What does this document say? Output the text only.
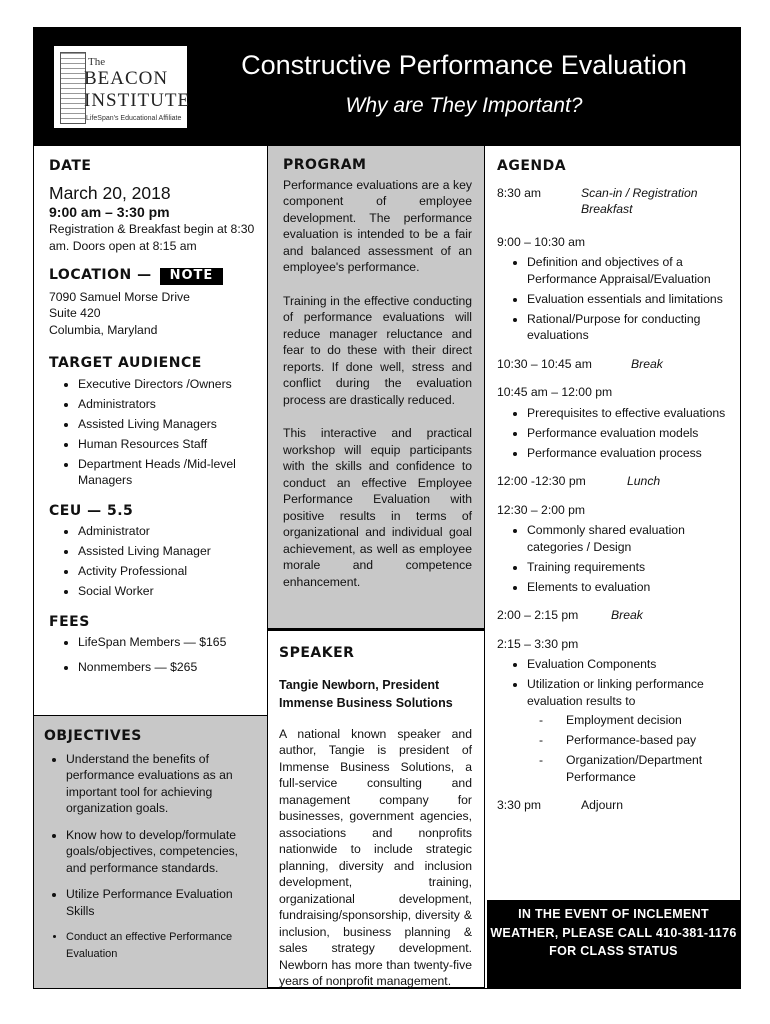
The
BEACON
INSTITUTE
LifeSpan's Educational Affiliate
Constructive Performance Evaluation
Why are They Important?

DATE

March 20, 2018
9:00 am – 3:30 pm
Registration & Breakfast begin at 8:30 am. Doors open at 8:15 am
LOCATION — NOTE
7090 Samuel Morse Drive
Suite 420
Columbia, Maryland

TARGET AUDIENCE

• Executive Directors /Owners
• Administrators
• Assisted Living Managers
• Human Resources Staff
• Department Heads /Mid-level Managers

CEU — 5.5

• Administrator
• Assisted Living Manager
• Activity Professional
• Social Worker

FEES

• LifeSpan Members — $165
• Nonmembers — $265

OBJECTIVES

• Understand the benefits of performance evaluations as an important tool for achieving organization goals.
• Know how to develop/formulate goals/objectives, competencies, and performance standards.
• Utilize Performance Evaluation Skills
• Conduct an effective Performance Evaluation

PROGRAM

Performance evaluations are a key component of employee development. The performance evaluation is intended to be a fair and balanced assessment of an employee's performance.

Training in the effective conducting of performance evaluations will reduce manager reluctance and fear to do these with their direct reports. If done well, stress and conflict during the evaluation process are drastically reduced.

This interactive and practical workshop will equip participants with the skills and confidence to conduct an effective Employee Performance Evaluation with positive results in terms of organizational and individual goal achievement, as well as employee morale and competence enhancement.

SPEAKER

Tangie Newborn, President
Immense Business Solutions

A national known speaker and author, Tangie is president of Immense Business Solutions, a full-service consulting and management company for businesses, government agencies, associations and nonprofits nationwide to include strategic planning, diversity and inclusion development, training, organizational development, fundraising/sponsorship, diversity & inclusion, business planning & sales strategy development. Newborn has more than twenty-five years of nonprofit management.

AGENDA

8:30 am	Scan-in / Registration
Breakfast
9:00 – 10:30 am
• Definition and objectives of a Performance Appraisal/Evaluation
• Evaluation essentials and limitations
• Rational/Purpose for conducting evaluations
10:30 – 10:45 am	Break
10:45 am – 12:00 pm
• Prerequisites to effective evaluations
• Performance evaluation models
• Performance evaluation process
12:00 -12:30 pm	Lunch
12:30 – 2:00 pm
• Commonly shared evaluation categories / Design
• Training requirements
• Elements to evaluation
2:00 – 2:15 pm	Break
2:15 – 3:30 pm
• Evaluation Components
• Utilization or linking performance evaluation results to
- Employment decision
- Performance-based pay
- Organization/Department Performance
3:30 pm	Adjourn
IN THE EVENT OF INCLEMENT WEATHER, PLEASE CALL 410-381-1176 FOR CLASS STATUS
